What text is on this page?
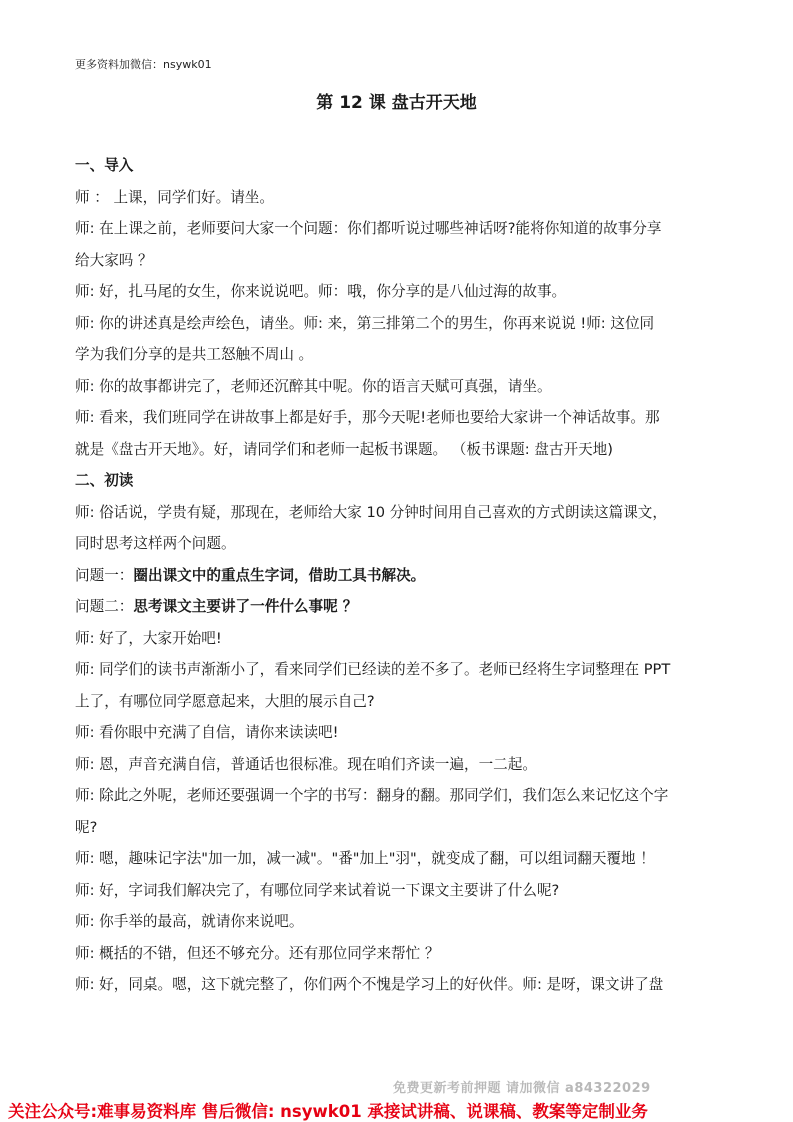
更多资料加微信：nsywk01
第 12 课 盘古开天地
一、导入
师 ： 上课，同学们好。请坐。
师: 在上课之前，老师要问大家一个问题：你们都听说过哪些神话呀?能将你知道的故事分享
给大家吗 ？
师: 好，扎马尾的女生，你来说说吧。师：哦，你分享的是八仙过海的故事。
师: 你的讲述真是绘声绘色，请坐。师: 来，第三排第二个的男生，你再来说说 !师: 这位同
学为我们分享的是共工怒触不周山 。
师: 你的故事都讲完了，老师还沉醉其中呢。你的语言天赋可真强，请坐。
师: 看来，我们班同学在讲故事上都是好手，那今天呢!老师也要给大家讲一个神话故事。那
就是《盘古开天地》。好，请同学们和老师一起板书课题。 （板书课题: 盘古开天地)
二、初读
师: 俗话说，学贵有疑，那现在，老师给大家 10 分钟时间用自己喜欢的方式朗读这篇课文，
同时思考这样两个问题。
问题一：圈出课文中的重点生字词，借助工具书解决。
问题二：思考课文主要讲了一件什么事呢 ？
师: 好了，大家开始吧!
师: 同学们的读书声渐渐小了，看来同学们已经读的差不多了。老师已经将生字词整理在 PPT
上了，有哪位同学愿意起来，大胆的展示自己?
师: 看你眼中充满了自信，请你来读读吧!
师: 恩，声音充满自信，普通话也很标准。现在咱们齐读一遍，一二起。
师: 除此之外呢，老师还要强调一个字的书写：翻身的翻。那同学们，我们怎么来记忆这个字
呢?
师: 嗯，趣味记字法"加一加，减一减"。"番"加上"羽"，就变成了翻，可以组词翻天覆地 ！
师: 好，字词我们解决完了，有哪位同学来试着说一下课文主要讲了什么呢?
师: 你手举的最高，就请你来说吧。
师: 概括的不错，但还不够充分。还有那位同学来帮忙 ？
师: 好，同桌。嗯，这下就完整了，你们两个不愧是学习上的好伙伴。师: 是呀，课文讲了盘
免费更新考前押题 请加微信 a84322029
关注公众号:难事易资料库 售后微信: nsywk01 承接试讲稿、说课稿、教案等定制业务
